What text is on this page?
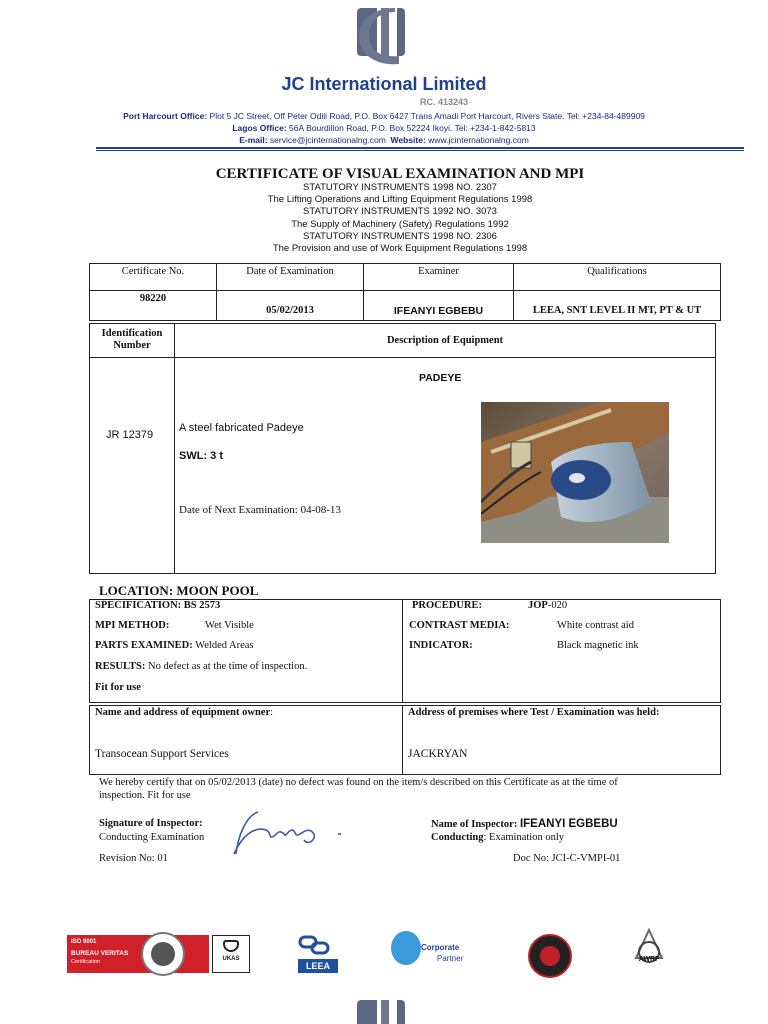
JC International Limited
RC. 413243
Port Harcourt Office: Plot 5 JC Street, Off Peter Odili Road, P.O. Box 6427 Trans Amadi Port Harcourt, Rivers State. Tel: +234-84-489909
Lagos Office: 56A Bourdillon Road, P.O. Box 52224 Ikoyi. Tel: +234-1-842-5813
E-mail: service@jcinternationalng.com Website: www.jcinternationalng.com
CERTIFICATE OF VISUAL EXAMINATION AND MPI
STATUTORY INSTRUMENTS 1998 NO. 2307
The Lifting Operations and Lifting Equipment Regulations 1998
STATUTORY INSTRUMENTS 1992 NO. 3073
The Supply of Machinery (Safety) Regulations 1992
STATUTORY INSTRUMENTS 1998 NO. 2306
The Provision and use of Work Equipment Regulations 1998
Certificate No.	Date of Examination	Examiner	Qualifications
98220	05/02/2013	IFEANYI EGBEBU	LEEA, SNT LEVEL II MT, PT & UT
Identification Number	Description of Equipment

JR 12379	PADEYE
A steel fabricated Padeye
SWL: 3 t
Date of Next Examination: 04-08-13
LOCATION: MOON POOL
SPECIFICATION: BS 2573
MPI METHOD:	Wet Visible
PARTS EXAMINED: Welded Areas
RESULTS: No defect as at the time of inspection.
Fit for use
PROCEDURE:	JOP-020
CONTRAST MEDIA:	White contrast aid
INDICATOR:	Black magnetic ink
Name and address of equipment owner:
Transocean Support Services
Address of premises where Test / Examination was held:
JACKRYAN
We hereby certify that on 05/02/2013 (date) no defect was found on the item/s described on this Certificate as at the time of
inspection. Fit for use
Signature of Inspector:
Conducting Examination
Revision No: 01
Name of Inspector: IFEANYI EGBEBU
Conducting: Examination only
Doc No: JCI-C-VMPI-01
ISO 9001
BUREAU VERITAS
Certification	UKAS
LEEA
Corporate
Partner	AWRF
